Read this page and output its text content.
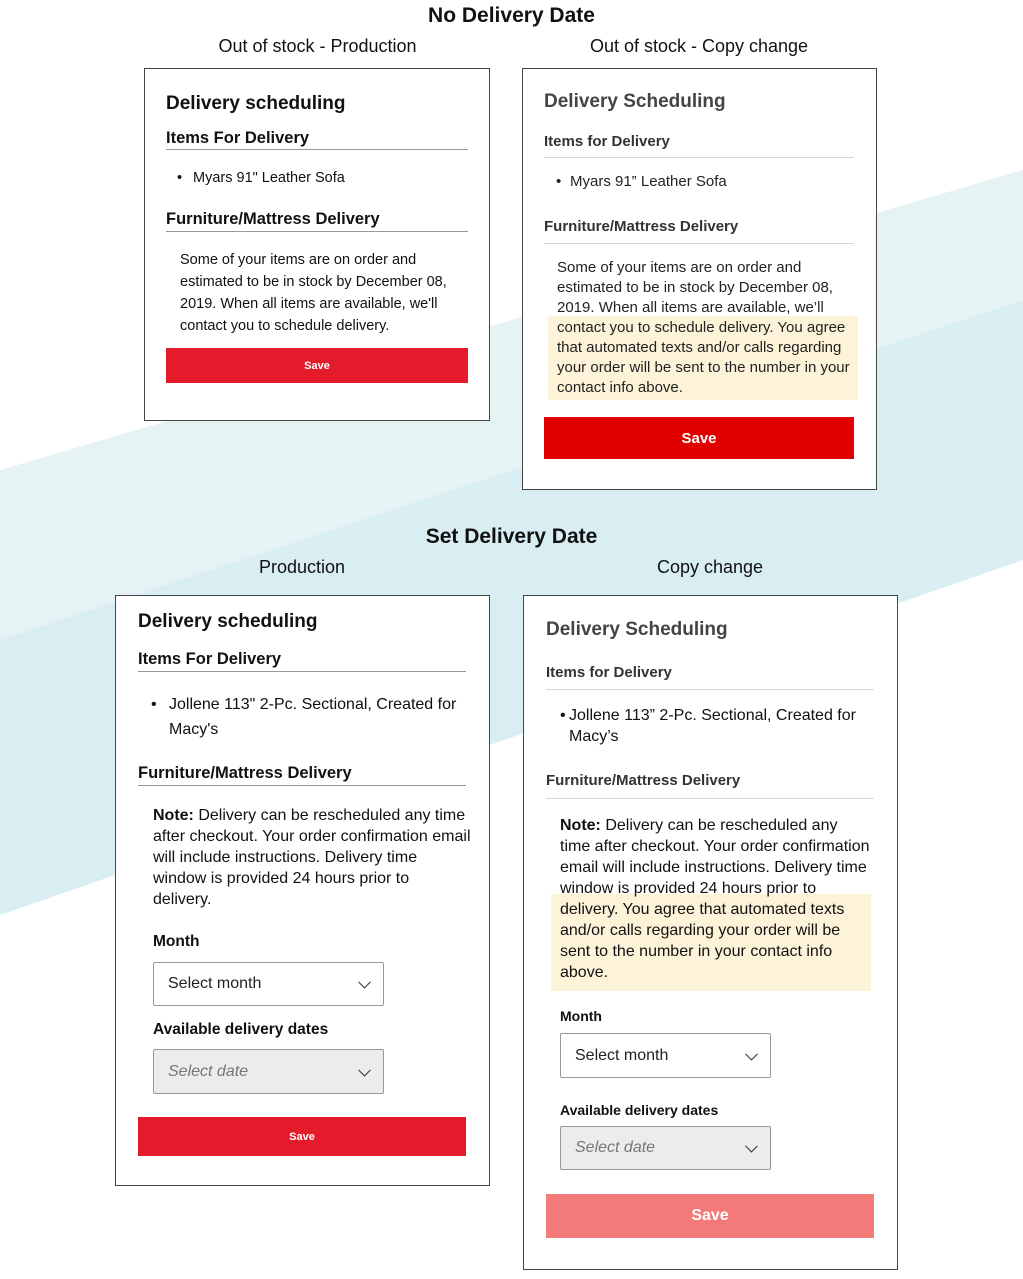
No Delivery Date
Out of stock - Production	Out of stock - Copy change
Set Delivery Date
Production	Copy change
Delivery scheduling
Items For Delivery
• Myars 91" Leather Sofa
Furniture/Mattress Delivery
Some of your items are on order and estimated to be in stock by December 08, 2019. When all items are available, we'll contact you to schedule delivery.
Save
Delivery Scheduling
Items for Delivery
• Myars 91” Leather Sofa
Furniture/Mattress Delivery
Some of your items are on order and estimated to be in stock by December 08, 2019. When all items are available, we’ll contact you to schedule delivery. You agree that automated texts and/or calls regarding your order will be sent to the number in your contact info above.
Save
Delivery scheduling
Items For Delivery
• Jollene 113" 2-Pc. Sectional, Created for Macy's
Furniture/Mattress Delivery
Note: Delivery can be rescheduled any time after checkout. Your order confirmation email will include instructions. Delivery time window is provided 24 hours prior to delivery.
Month
Select month
Available delivery dates
Select date
Save
Delivery Scheduling
Items for Delivery
• Jollene 113” 2-Pc. Sectional, Created for Macy’s
Furniture/Mattress Delivery
Note: Delivery can be rescheduled any time after checkout. Your order confirmation email will include instructions. Delivery time window is provided 24 hours prior to delivery. You agree that automated texts and/or calls regarding your order will be sent to the number in your contact info above.
Month
Select month
Available delivery dates
Select date
Save
